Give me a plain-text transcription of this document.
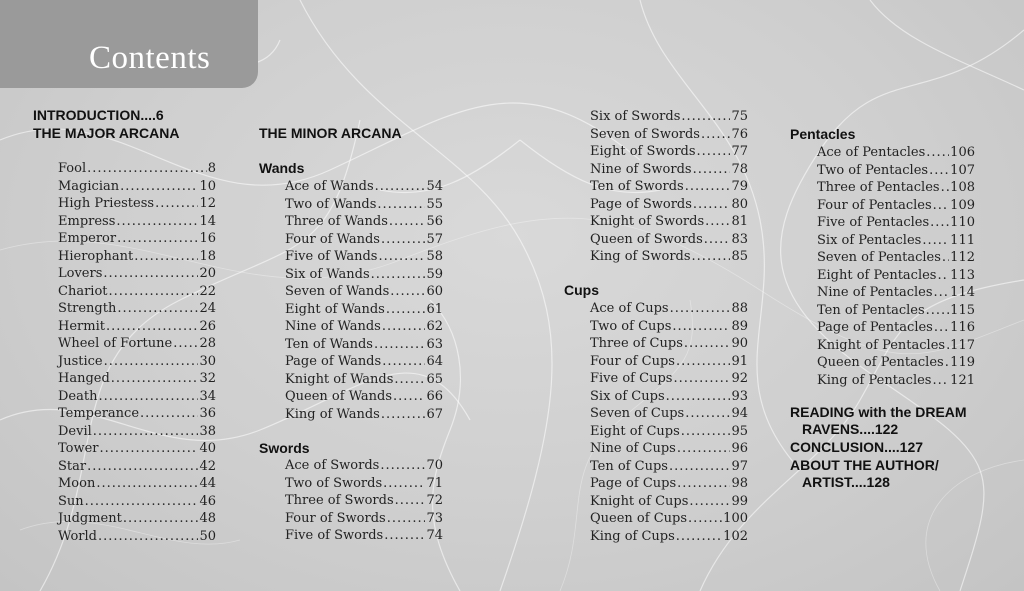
Contents
INTRODUCTION....6
THE MAJOR ARCANA
Fool .....	8
Magician .....	10
High Priestess .....	12
Empress .....	14
Emperor .....	16
Hierophant .....	18
Lovers .....	20
Chariot .....	22
Strength .....	24
Hermit .....	26
Wheel of Fortune ..... 28
Justice .....	30
Hanged .....	32
Death .....	34
Temperance .....	36
Devil .....	38
Tower .....	40
Star .....	42
Moon .....	44
Sun .....	46
Judgment .....	48
World .....	50
THE MINOR ARCANA
Wands
Ace of Wands .....	54
Two of Wands .....	55
Three of Wands .....	56
Four of Wands .....	57
Five of Wands .....	58
Six of Wands .....	59
Seven of Wands .....	60
Eight of Wands .....	61
Nine of Wands .....	62
Ten of Wands .....	63
Page of Wands .....	64
Knight of Wands .....	65
Queen of Wands .....	66
King of Wands .....	67
Swords
Ace of Swords .....	70
Two of Swords .....	71
Three of Swords .....	72
Four of Swords .....	73
Five of Swords .....	74
Six of Swords .....	75
Seven of Swords ..... 76
Eight of Swords .....	77
Nine of Swords .....	78
Ten of Swords .....	79
Page of Swords .....	80
Knight of Swords ..... 81
Queen of Swords ..... 83
King of Swords .....	85
Cups
Ace of Cups .....	88
Two of Cups .....	89
Three of Cups .....	90
Four of Cups .....	91
Five of Cups .....	92
Six of Cups .....	93
Seven of Cups .....	94
Eight of Cups .....	95
Nine of Cups .....	96
Ten of Cups .....	97
Page of Cups .....	98
Knight of Cups .....	99
Queen of Cups .....	100
King of Cups .....	102
Pentacles
Ace of Pentacles ..... 106
Two of Pentacles ..... 107
Three of Pentacles ..... 108
Four of Pentacles ..... 109
Five of Pentacles ..... 110
Six of Pentacles ..... 111
Seven of Pentacles ..... 112
Eight of Pentacles ..... 113
Nine of Pentacles ..... 114
Ten of Pentacles ..... 115
Page of Pentacles ..... 116
Knight of Pentacles ..... 117
Queen of Pentacles ..... 119
King of Pentacles ..... 121
READING with the DREAM
RAVENS....122
CONCLUSION....127
ABOUT THE AUTHOR/
ARTIST....128
